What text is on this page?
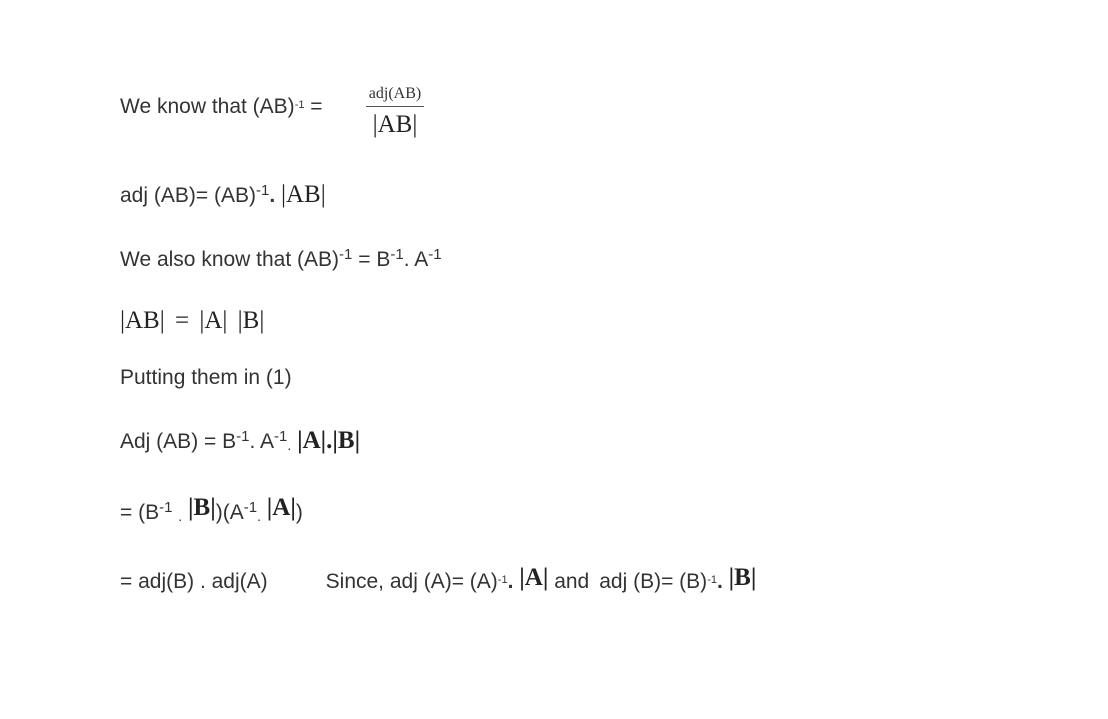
We know that (AB)$^{-1}$ =
adj(AB)
|AB|
adj (AB)= (AB)$^{-1}$. |AB|
We also know that $(AB)^{-1} = B^{-1}$. $A^{-1}$
|AB| = |A| |B|
Putting them in (1)
Adj $(AB) = B^{-1}$. $A^{-1}_.$ |A|.|B|
= ($B^{-1}$ $_.$ $|B|)(A^{-1}_.$ |A|)
= adj(B) . adj(A)	Since, adj $(A)= (A)^{-1}$. |A| and adj $(B)= (B)^{-1}$. |B|
